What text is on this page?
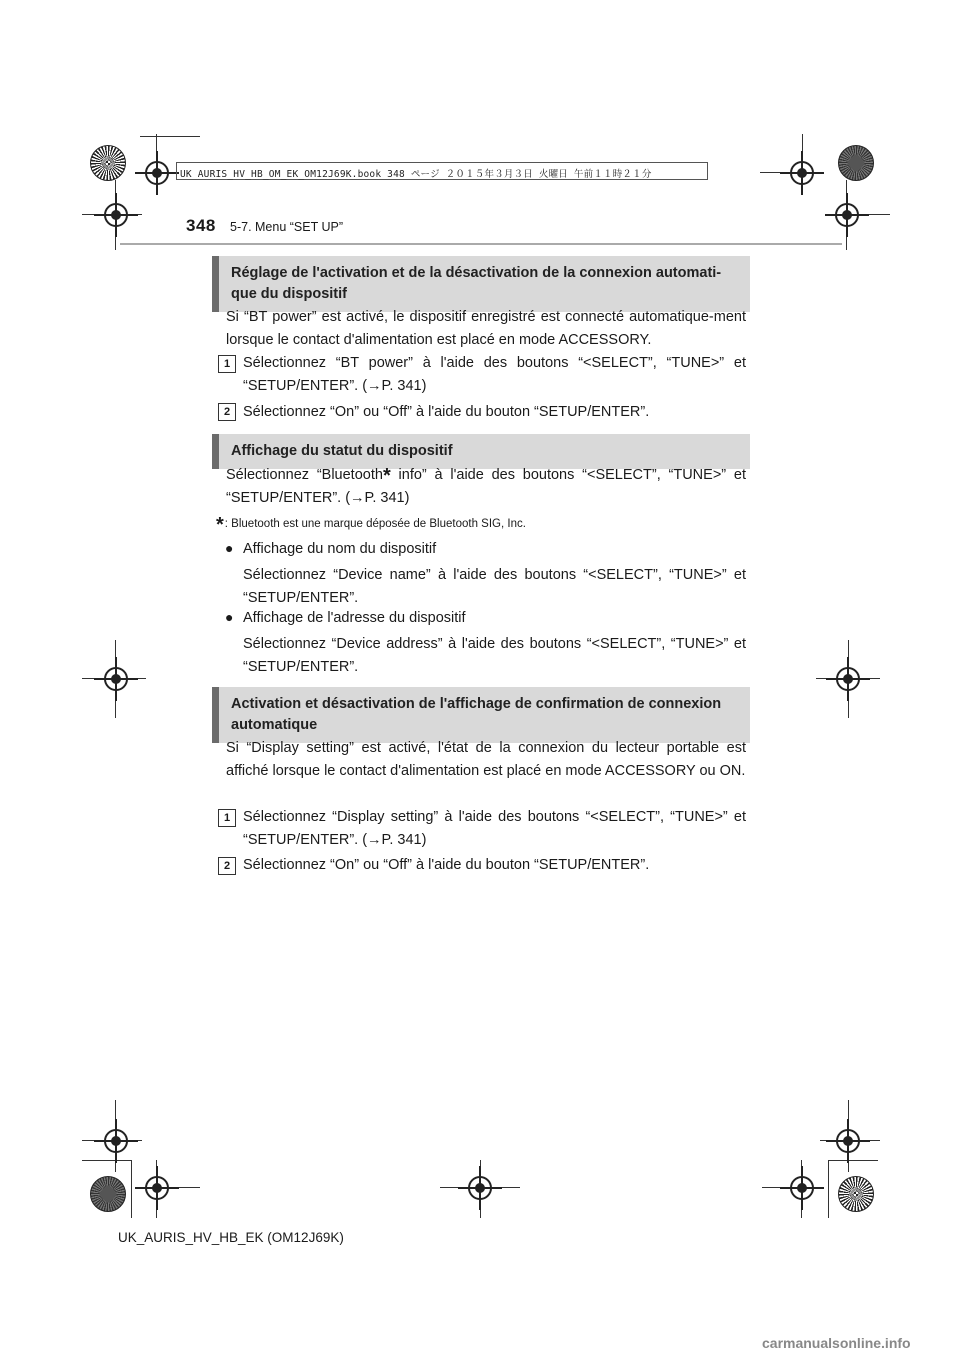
UK AURIS_HV_HB_OM_EK_OM12J69K.book 348 ページ ２０１５年３月３日 火曜日 午前１１時２１分
348 5-7. Menu “SET UP”
Réglage de l'activation et de la désactivation de la connexion automati-que du dispositif
Si “BT power” est activé, le dispositif enregistré est connecté automatique-ment lorsque le contact d'alimentation est placé en mode ACCESSORY.
1 Sélectionnez “BT power” à l'aide des boutons “<SELECT”, “TUNE>” et “SETUP/ENTER”. (→P. 341)
2 Sélectionnez “On” ou “Off” à l'aide du bouton “SETUP/ENTER”.
Affichage du statut du dispositif
Sélectionnez “Bluetooth* info” à l'aide des boutons “<SELECT”, “TUNE>” et “SETUP/ENTER”. (→P. 341)
*: Bluetooth est une marque déposée de Bluetooth SIG, Inc.
● Affichage du nom du dispositif
Sélectionnez “Device name” à l'aide des boutons “<SELECT”, “TUNE>” et “SETUP/ENTER”.
● Affichage de l'adresse du dispositif
Sélectionnez “Device address” à l'aide des boutons “<SELECT”, “TUNE>” et “SETUP/ENTER”.
Activation et désactivation de l'affichage de confirmation de connexion automatique
Si “Display setting” est activé, l'état de la connexion du lecteur portable est affiché lorsque le contact d'alimentation est placé en mode ACCESSORY ou ON.
1 Sélectionnez “Display setting” à l'aide des boutons “<SELECT”, “TUNE>” et “SETUP/ENTER”. (→P. 341)
2 Sélectionnez “On” ou “Off” à l'aide du bouton “SETUP/ENTER”.
UK_AURIS_HV_HB_EK (OM12J69K)
carmanualsonline.info
